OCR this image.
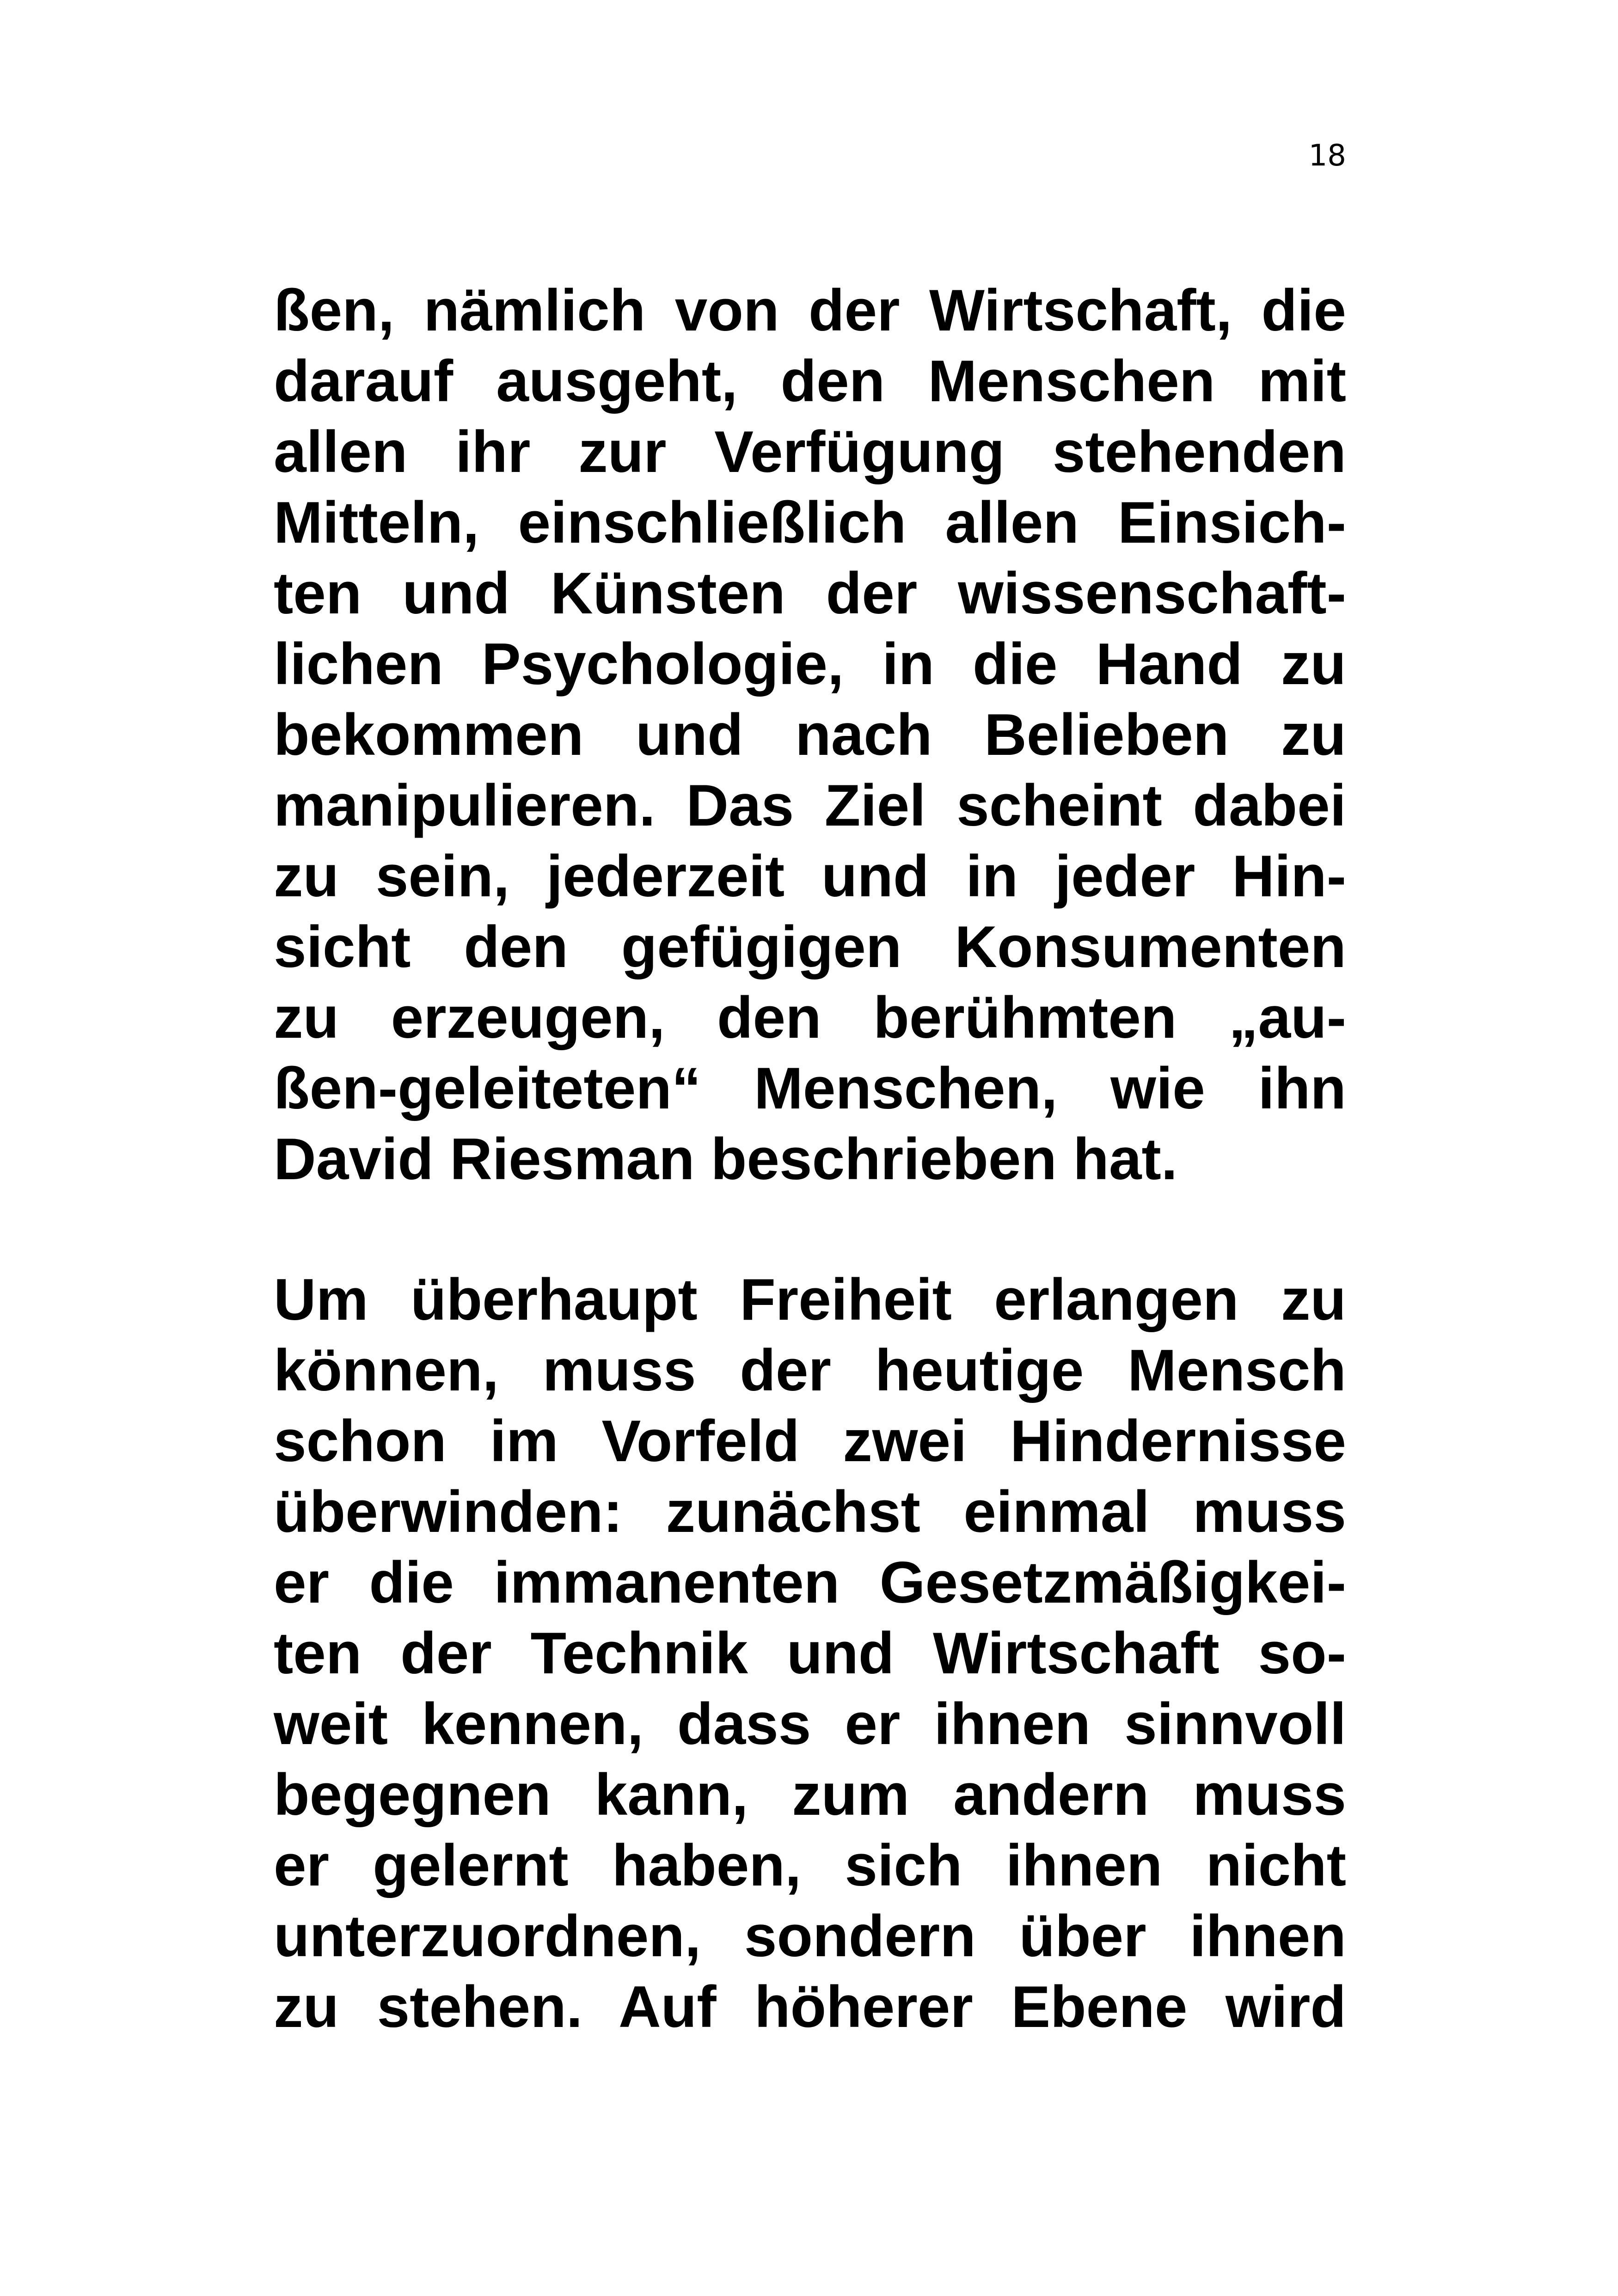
18
ßen, nämlich von der Wirtschaft, die
darauf ausgeht, den Menschen mit
allen ihr zur Verfügung stehenden
Mitteln, einschließlich allen Einsich-
ten und Künsten der wissenschaft-
lichen Psychologie, in die Hand zu
bekommen und nach Belieben zu
manipulieren. Das Ziel scheint dabei
zu sein, jederzeit und in jeder Hin-
sicht den gefügigen Konsumenten
zu erzeugen, den berühmten „au-
ßen-geleiteten“ Menschen, wie ihn
David Riesman beschrieben hat.
Um überhaupt Freiheit erlangen zu
können, muss der heutige Mensch
schon im Vorfeld zwei Hindernisse
überwinden: zunächst einmal muss
er die immanenten Gesetzmäßigkei-
ten der Technik und Wirtschaft so-
weit kennen, dass er ihnen sinnvoll
begegnen kann, zum andern muss
er gelernt haben, sich ihnen nicht
unterzuordnen, sondern über ihnen
zu stehen. Auf höherer Ebene wird
